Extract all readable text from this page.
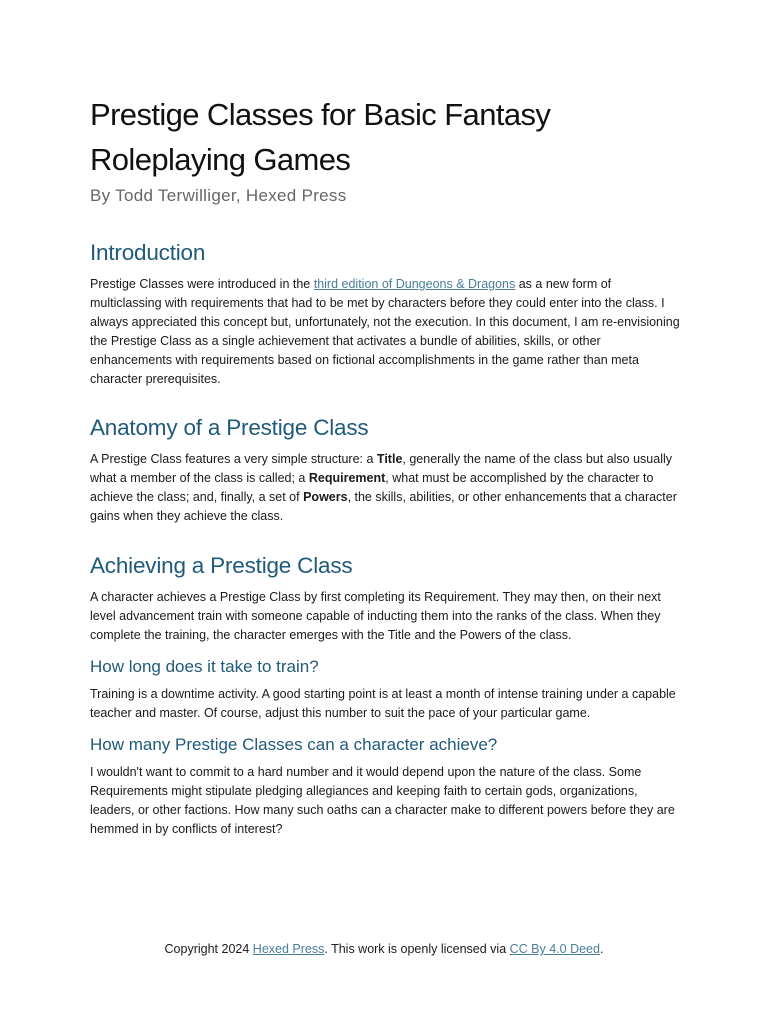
Prestige Classes for Basic Fantasy Roleplaying Games
By Todd Terwilliger, Hexed Press
Introduction

Prestige Classes were introduced in the third edition of Dungeons & Dragons as a new form of multiclassing with requirements that had to be met by characters before they could enter into the class. I always appreciated this concept but, unfortunately, not the execution. In this document, I am re-envisioning the Prestige Class as a single achievement that activates a bundle of abilities, skills, or other enhancements with requirements based on fictional accomplishments in the game rather than meta character prerequisites.

Anatomy of a Prestige Class

A Prestige Class features a very simple structure: a Title, generally the name of the class but also usually what a member of the class is called; a Requirement, what must be accomplished by the character to achieve the class; and, finally, a set of Powers, the skills, abilities, or other enhancements that a character gains when they achieve the class.

Achieving a Prestige Class

A character achieves a Prestige Class by first completing its Requirement. They may then, on their next level advancement train with someone capable of inducting them into the ranks of the class. When they complete the training, the character emerges with the Title and the Powers of the class.

How long does it take to train?

Training is a downtime activity. A good starting point is at least a month of intense training under a capable teacher and master. Of course, adjust this number to suit the pace of your particular game.

How many Prestige Classes can a character achieve?

I wouldn't want to commit to a hard number and it would depend upon the nature of the class. Some Requirements might stipulate pledging allegiances and keeping faith to certain gods, organizations, leaders, or other factions. How many such oaths can a character make to different powers before they are hemmed in by conflicts of interest?

Copyright 2024 Hexed Press. This work is openly licensed via CC By 4.0 Deed.
